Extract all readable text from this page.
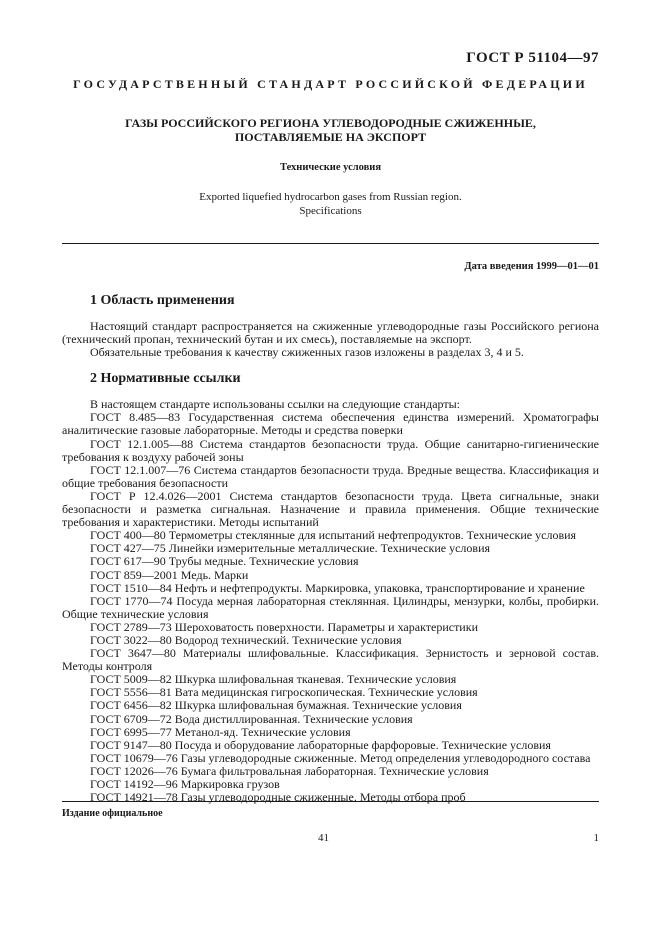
ГОСТ Р 51104—97
ГОСУДАРСТВЕННЫЙ СТАНДАРТ РОССИЙСКОЙ ФЕДЕРАЦИИ
ГАЗЫ РОССИЙСКОГО РЕГИОНА УГЛЕВОДОРОДНЫЕ СЖИЖЕННЫЕ,
ПОСТАВЛЯЕМЫЕ НА ЭКСПОРТ
Технические условия
Exported liquefied hydrocarbon gases from Russian region.
Specifications
Дата введения 1999—01—01
1 Область применения

Настоящий стандарт распространяется на сжиженные углеводородные газы Российского региона (технический пропан, технический бутан и их смесь), поставляемые на экспорт.

Обязательные требования к качеству сжиженных газов изложены в разделах 3, 4 и 5.

2 Нормативные ссылки

В настоящем стандарте использованы ссылки на следующие стандарты:

ГОСТ 8.485—83 Государственная система обеспечения единства измерений. Хроматографы аналитические газовые лабораторные. Методы и средства поверки
ГОСТ 12.1.005—88 Система стандартов безопасности труда. Общие санитарно-гигиенические требования к воздуху рабочей зоны
ГОСТ 12.1.007—76 Система стандартов безопасности труда. Вредные вещества. Классификация и общие требования безопасности
ГОСТ Р 12.4.026—2001 Система стандартов безопасности труда. Цвета сигнальные, знаки безопасности и разметка сигнальная. Назначение и правила применения. Общие технические требования и характеристики. Методы испытаний
ГОСТ 400—80 Термометры стеклянные для испытаний нефтепродуктов. Технические условия
ГОСТ 427—75 Линейки измерительные металлические. Технические условия
ГОСТ 617—90 Трубы медные. Технические условия
ГОСТ 859—2001 Медь. Марки
ГОСТ 1510—84 Нефть и нефтепродукты. Маркировка, упаковка, транспортирование и хранение
ГОСТ 1770—74 Посуда мерная лабораторная стеклянная. Цилиндры, мензурки, колбы, пробирки. Общие технические условия
ГОСТ 2789—73 Шероховатость поверхности. Параметры и характеристики
ГОСТ 3022—80 Водород технический. Технические условия
ГОСТ 3647—80 Материалы шлифовальные. Классификация. Зернистость и зерновой состав. Методы контроля
ГОСТ 5009—82 Шкурка шлифовальная тканевая. Технические условия
ГОСТ 5556—81 Вата медицинская гигроскопическая. Технические условия
ГОСТ 6456—82 Шкурка шлифовальная бумажная. Технические условия
ГОСТ 6709—72 Вода дистиллированная. Технические условия
ГОСТ 6995—77 Метанол-яд. Технические условия
ГОСТ 9147—80 Посуда и оборудование лабораторные фарфоровые. Технические условия
ГОСТ 10679—76 Газы углеводородные сжиженные. Метод определения углеводородного состава
ГОСТ 12026—76 Бумага фильтровальная лабораторная. Технические условия
ГОСТ 14192—96 Маркировка грузов
ГОСТ 14921—78 Газы углеводородные сжиженные. Методы отбора проб
Издание официальное
41	1
